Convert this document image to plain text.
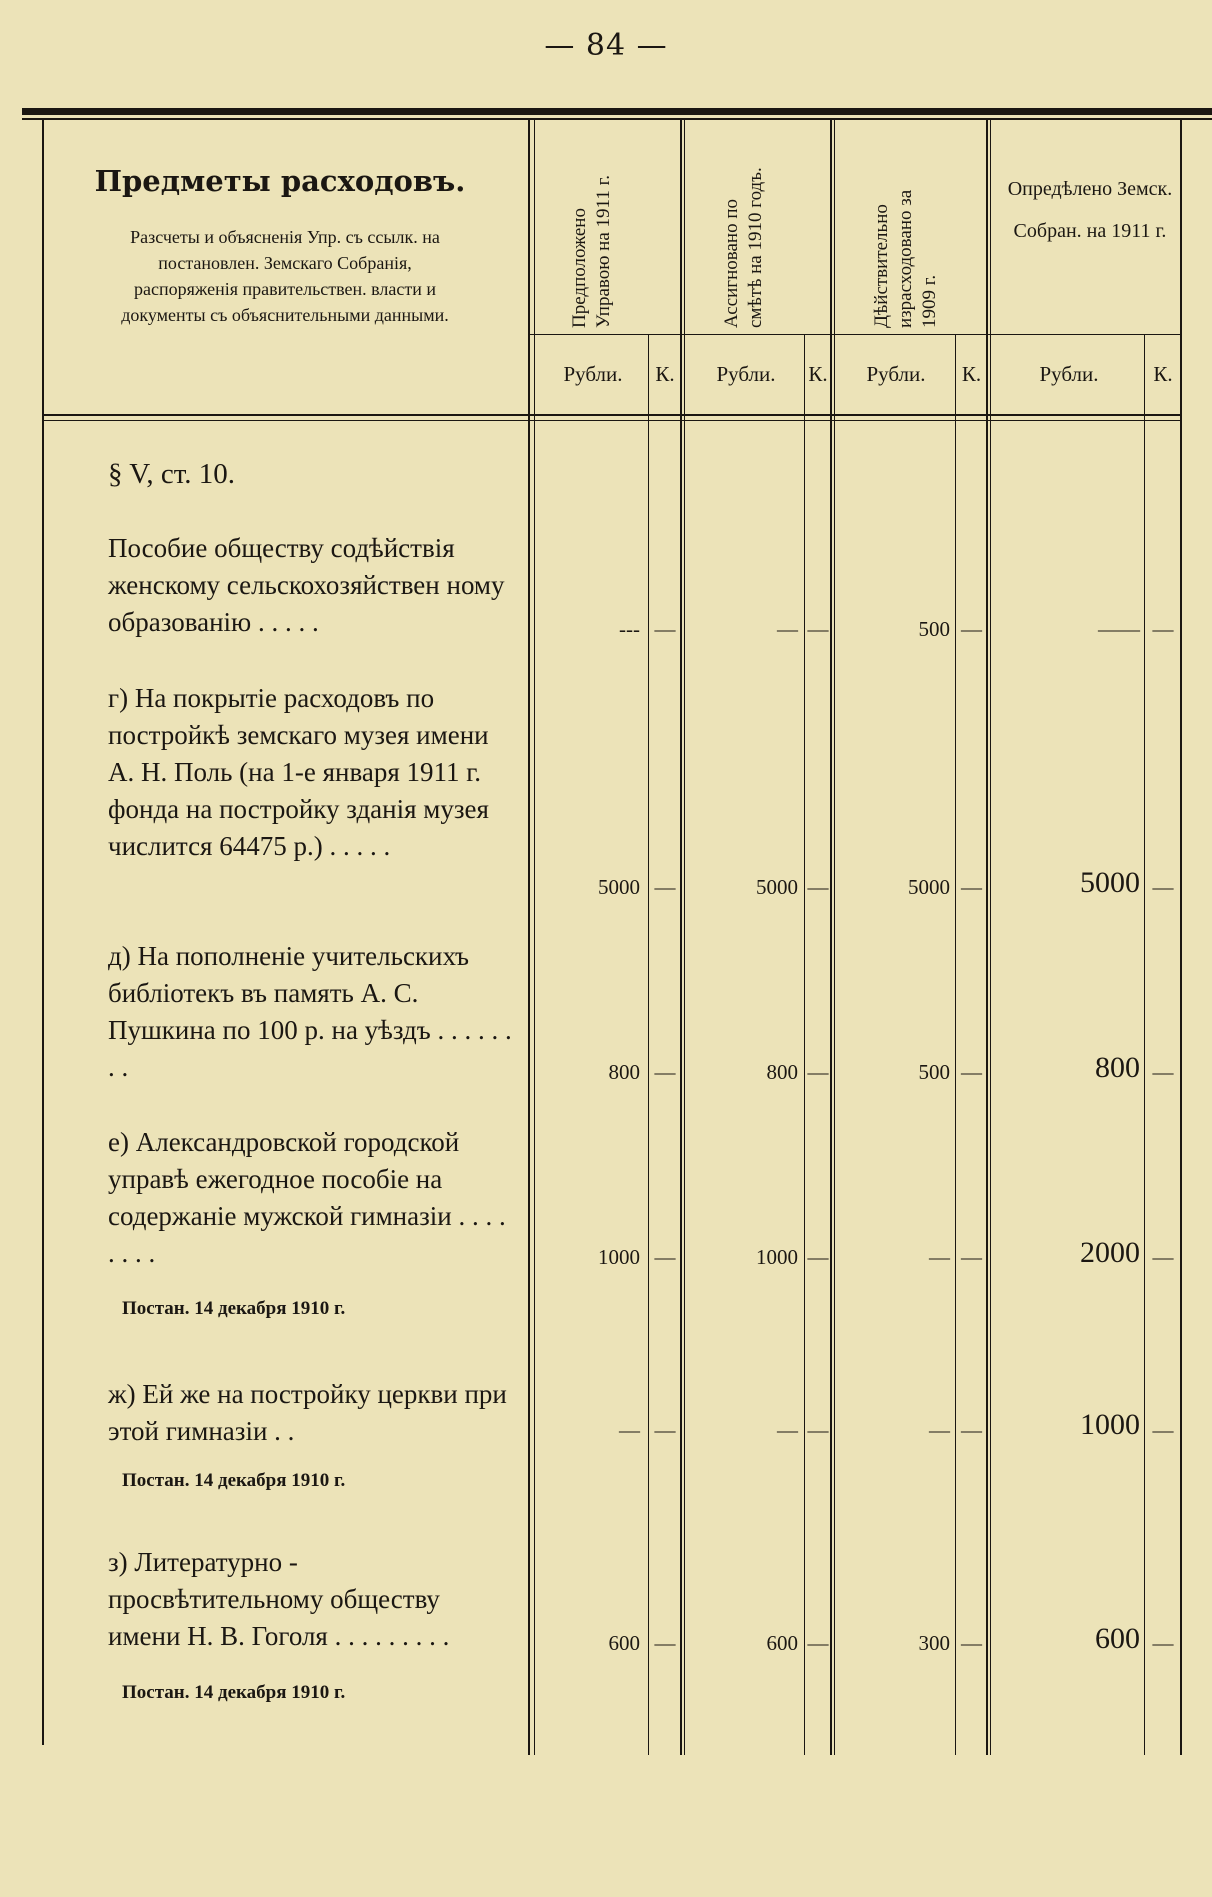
— 84 —
Предметы расходовъ.
Разсчеты и объясненія Упр. съ ссылк. на постановлен. Земскаго Собранія, распоряженія правительствен. власти и документы съ объяснительными данными.	Предположено Управою на 1911 г.	Ассигновано по смѣтѣ на 1910 годъ.	Дѣйствительно израсходовано за 1909 г.
Опредѣлено Земск. Собран. на 1911 г.
Рубли.	К.	Рубли.	К.	Рубли.	К.	Рубли.	К.
§ V, ст. 10.
Пособие обществу содѣйствія женскому сельскохозяйствен ному образованію . . . . .	--- —	— —	500 —	—— —
г) На покрытіе расходовъ по постройкѣ земскаго музея имени А. Н. Поль (на 1-е января 1911 г. фонда на постройку зданія музея числится 64475 р.) . . . . .
5000 —	5000 —	5000 —	5000 —
д) На пополненіе учительскихъ библіотекъ въ память А. С. Пушкина по 100 р. на уѣздъ . . . . . . . .	800 —	800 —	500 —	800 —
е) Александровской городской управѣ ежегодное пособіе на содержаніе мужской гимназіи . . . . . . . .
Постан. 14 декабря 1910 г.
1000 —	1000 —	— —	2000 —
ж) Ей же на постройку церкви при этой гимназіи . .
Постан. 14 декабря 1910 г.
— —	— —	— —	1000 —
з) Литературно - просвѣтительному обществу имени Н. В. Гоголя . . . . . . . . .
Постан. 14 декабря 1910 г.
600 —	600 —	300 —	600 —
